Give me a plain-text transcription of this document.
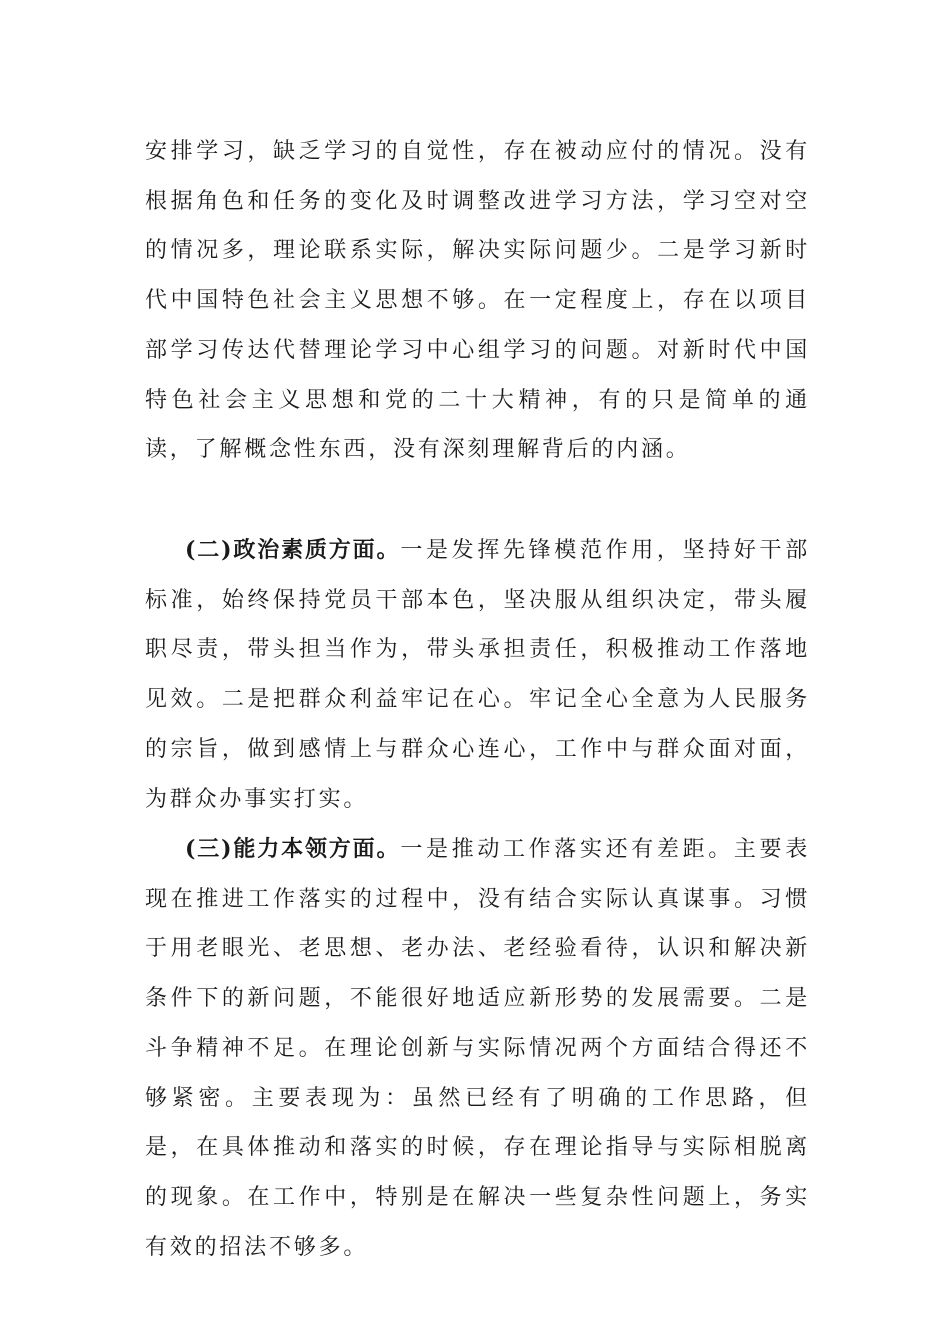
安排学习，缺乏学习的自觉性，存在被动应付的情况。没有根据角色和任务的变化及时调整改进学习方法，学习空对空的情况多，理论联系实际，解决实际问题少。二是学习新时代中国特色社会主义思想不够。在一定程度上，存在以项目部学习传达代替理论学习中心组学习的问题。对新时代中国特色社会主义思想和党的二十大精神，有的只是简单的通读，了解概念性东西，没有深刻理解背后的内涵。

(二)政治素质方面。一是发挥先锋模范作用，坚持好干部标准，始终保持党员干部本色，坚决服从组织决定，带头履职尽责，带头担当作为，带头承担责任，积极推动工作落地见效。二是把群众利益牢记在心。牢记全心全意为人民服务的宗旨，做到感情上与群众心连心，工作中与群众面对面，为群众办事实打实。

(三)能力本领方面。一是推动工作落实还有差距。主要表现在推进工作落实的过程中，没有结合实际认真谋事。习惯于用老眼光、老思想、老办法、老经验看待，认识和解决新条件下的新问题，不能很好地适应新形势的发展需要。二是斗争精神不足。在理论创新与实际情况两个方面结合得还不够紧密。主要表现为：虽然已经有了明确的工作思路，但是，在具体推动和落实的时候，存在理论指导与实际相脱离的现象。在工作中，特别是在解决一些复杂性问题上，务实有效的招法不够多。
